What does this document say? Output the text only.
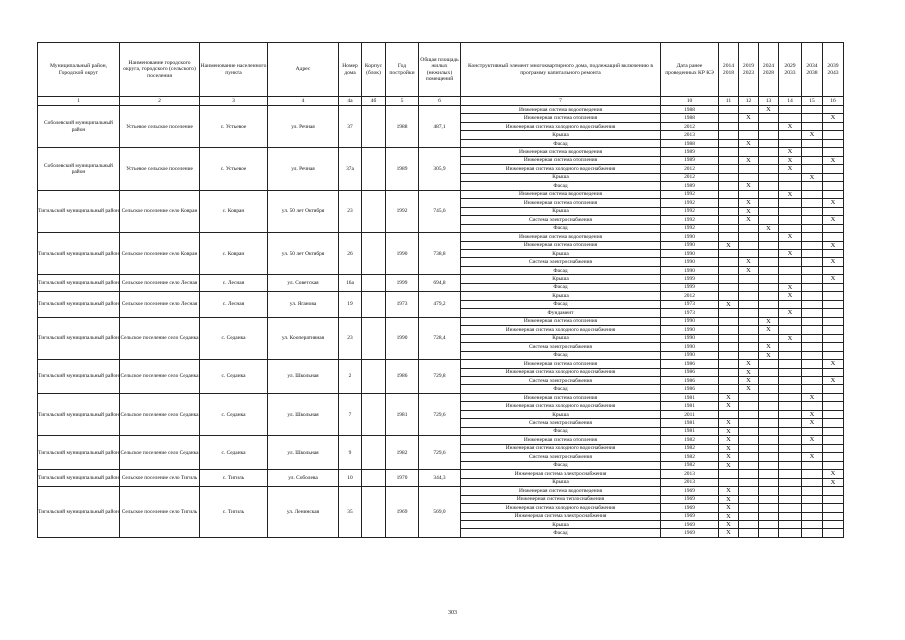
Муниципальный район, Городской округ	Наименование городского округа, городского (сельского) поселения	Наименование населенного пункта	Адрес	Номер дома	Корпус (блок)	Год постройки	Общая площадь жилых (нежилых) помещений	Конструктивный элемент многоквартирного дома, подлежащий включению в программу капитального ремонта	Дата ранее проведенных КР КЭ	2014 2018	2019 2023	2024 2028	2029 2033	2034 2038	2039 2043
1	2	3	4	4а	4б	5	6	7	10	11	12	13	14	15	16
Соболевский муниципальный район	Устьевое сельское поселение	с. Устьевое	ул. Речная	37		1988	487,1	Инженерная система водоотведения	1988			X			
								Инженерная система отопления	1988		X				X
								Инженерная система холодного водоснабжения	2012				X		
								Крыша	2013					X	
								Фасад	1988		X				
Соболевский муниципальный район	Устьевое сельское поселение	с. Устьевое	ул. Речная	37а		1989	305,9	Инженерная система водоотведения	1989				X		
								Инженерная система отопления	1989		X		X		X
								Инженерная система холодного водоснабжения	2012				X		
								Крыша	2012					X	
								Фасад	1989		X				
Тигильский муниципальный район	Сельское поселение село Ковран	с. Ковран	ул. 50 лет Октября	23		1992	745,6	Инженерная система водоотведения	1992				X		
								Инженерная система отопления	1992		X				X
								Крыша	1992		X				
								Система электроснабжения	1992		X				X
								Фасад	1992			X			
Тигильский муниципальный район	Сельское поселение село Ковран	с. Ковран	ул. 50 лет Октября	26		1990	738,8	Инженерная система водоотведения	1990				X		
								Инженерная система отопления	1990	X					X
								Крыша	1990				X		
								Система электроснабжения	1990		X				X
								Фасад	1990		X				
Тигильский муниципальный район	Сельское поселение село Лесная	с. Лесная	ул. Советская	16а		1999	694,8	Крыша	1999						X
								Фасад	1999				X		
Тигильский муниципальный район	Сельское поселение село Лесная	с. Лесная	ул. Яганова	19		1973	479,2	Крыша	2012				X		
								Фасад	1973	X					
								Фундамент	1973				X		
Тигильский муниципальный район	Сельское поселение село Седанка	с. Седанка	ул. Кооперативная	23		1990	728,4	Инженерная система отопления	1990			X			
								Инженерная система холодного водоснабжения	1990			X			
								Крыша	1990				X		
								Система электроснабжения	1990			X			
								Фасад	1990			X			
Тигильский муниципальный район	Сельское поселение село Седанка	с. Седанка	ул. Школьная	2		1986	729,8	Инженерная система отопления	1986		X				X
								Инженерная система холодного водоснабжения	1986		X				
								Система электроснабжения	1986		X				X
								Фасад	1986		X				
Тигильский муниципальный район	Сельское поселение село Седанка	с. Седанка	ул. Школьная	7		1981	729,6	Инженерная система отопления	1981	X				X	
								Инженерная система холодного водоснабжения	1981	X					
								Крыша	2011					X	
								Система электроснабжения	1981	X				X	
								Фасад	1981	X					
Тигильский муниципальный район	Сельское поселение село Седанка	с. Седанка	ул. Школьная	9		1982	729,6	Инженерная система отопления	1982	X				X	
								Инженерная система холодного водоснабжения	1982	X					
								Система электроснабжения	1982	X				X	
								Фасад	1982	X					
Тигильский муниципальный район	Сельское поселение село Тигиль	с. Тигиль	ул. Соболева	10		1970	344,3	Инженерная система электроснабжения	2013						X
								Крыша	2013						X
Тигильский муниципальный район	Сельское поселение село Тигиль	с. Тигиль	ул. Ленинская	35		1969	569,0	Инженерная система водоотведения	1969	X					
								Инженерная система теплоснабжения	1969	X					
								Инженерная система холодного водоснабжения	1969	X					
								Инженерная система электроснабжения	1969	X					
								Крыша	1969	X					
								Фасад	1969	X					
303
